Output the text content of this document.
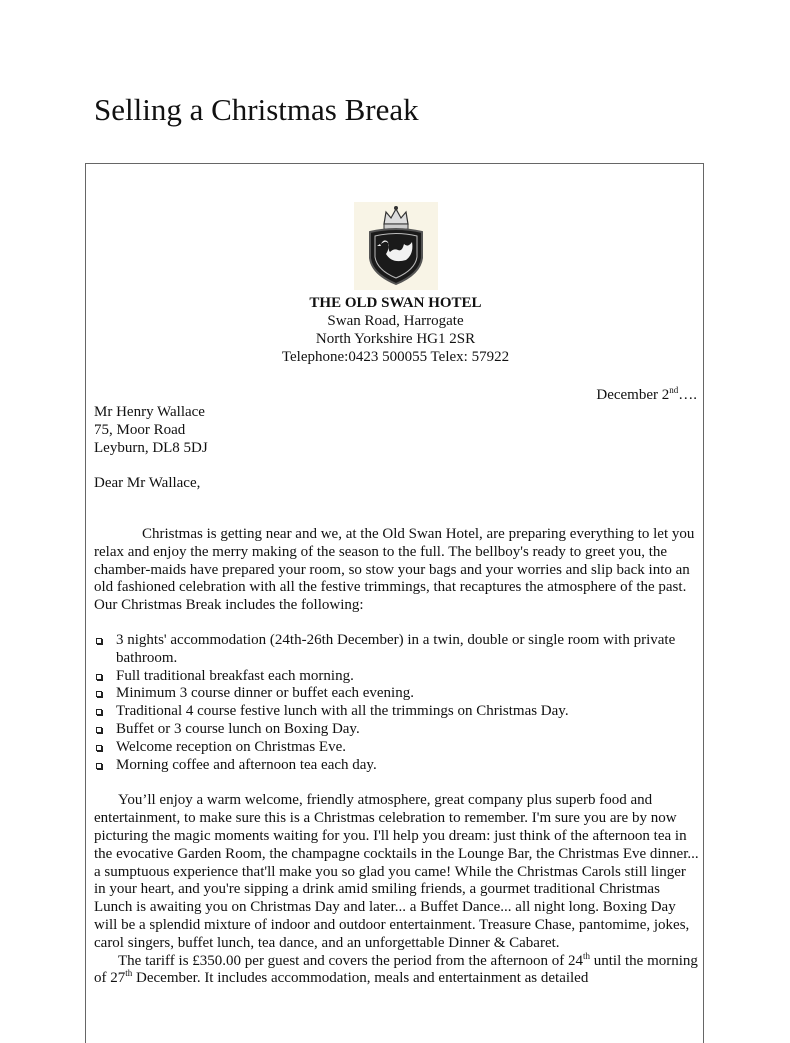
Selling a Christmas Break
THE OLD SWAN HOTEL
Swan Road, Harrogate
North Yorkshire HG1 2SR
Telephone:0423 500055 Telex: 57922
December 2nd….
Mr Henry Wallace
75, Moor Road
Leyburn, DL8 5DJ
Dear Mr Wallace,

Christmas is getting near and we, at the Old Swan Hotel, are preparing everything to let you relax and enjoy the merry making of the season to the full. The bellboy's ready to greet you, the chamber-maids have prepared your room, so stow your bags and your worries and slip back into an old fashioned celebration with all the festive trimmings, that recaptures the atmosphere of the past.

Our Christmas Break includes the following:

3 nights' accommodation (24th-26th December) in a twin, double or single room with private bathroom.
Full traditional breakfast each morning.
Minimum 3 course dinner or buffet each evening.
Traditional 4 course festive lunch with all the trimmings on Christmas Day.
Buffet or 3 course lunch on Boxing Day.
Welcome reception on Christmas Eve.
Morning coffee and afternoon tea each day.

You’ll enjoy a warm welcome, friendly atmosphere, great company plus superb food and entertainment, to make sure this is a Christmas celebration to remember. I'm sure you are by now picturing the magic moments waiting for you. I'll help you dream: just think of the afternoon tea in the evocative Garden Room, the champagne cocktails in the Lounge Bar, the Christmas Eve dinner... a sumptuous experience that'll make you so glad you came! While the Christmas Carols still linger in your heart, and you're sipping a drink amid smiling friends, a gourmet traditional Christmas Lunch is awaiting you on Christmas Day and later... a Buffet Dance... all night long. Boxing Day will be a splendid mixture of indoor and outdoor entertainment. Treasure Chase, pantomime, jokes, carol singers, buffet lunch, tea dance, and an unforgettable Dinner & Cabaret.

The tariff is £350.00 per guest and covers the period from the afternoon of 24th until the morning of 27th December. It includes accommodation, meals and entertainment as detailed
